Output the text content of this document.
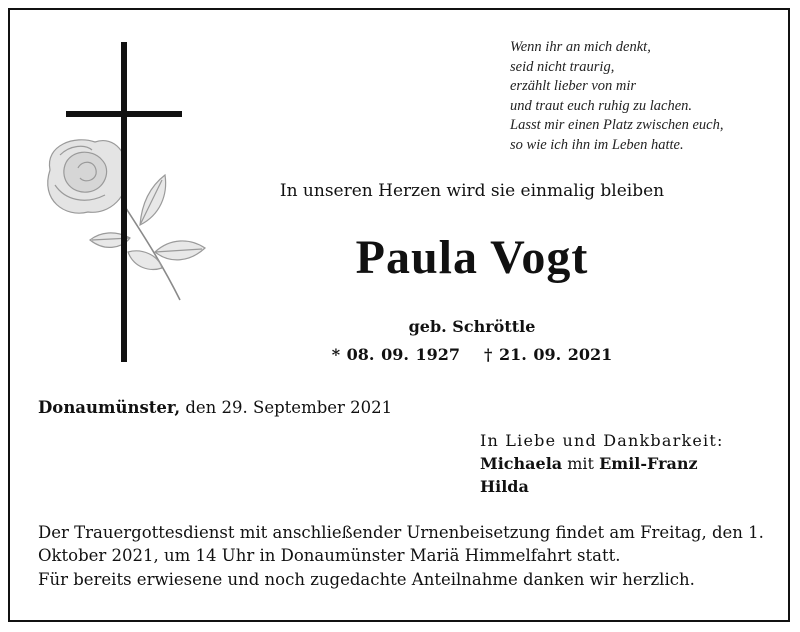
Wenn ihr an mich denkt,
seid nicht traurig,
erzählt lieber von mir
und traut euch ruhig zu lachen.
Lasst mir einen Platz zwischen euch,
so wie ich ihn im Leben hatte.
In unseren Herzen wird sie einmalig bleiben
Paula Vogt
geb. Schröttle
* 08. 09. 1927 † 21. 09. 2021
Donaumünster, den 29. September 2021
In Liebe und Dankbarkeit:
Michaela mit Emil-Franz
Hilda
Der Trauergottesdienst mit anschließender Urnenbeisetzung findet am Freitag, den 1. Oktober 2021, um 14 Uhr in Donaumünster Mariä Himmelfahrt statt.
Für bereits erwiesene und noch zugedachte Anteilnahme danken wir herzlich.
